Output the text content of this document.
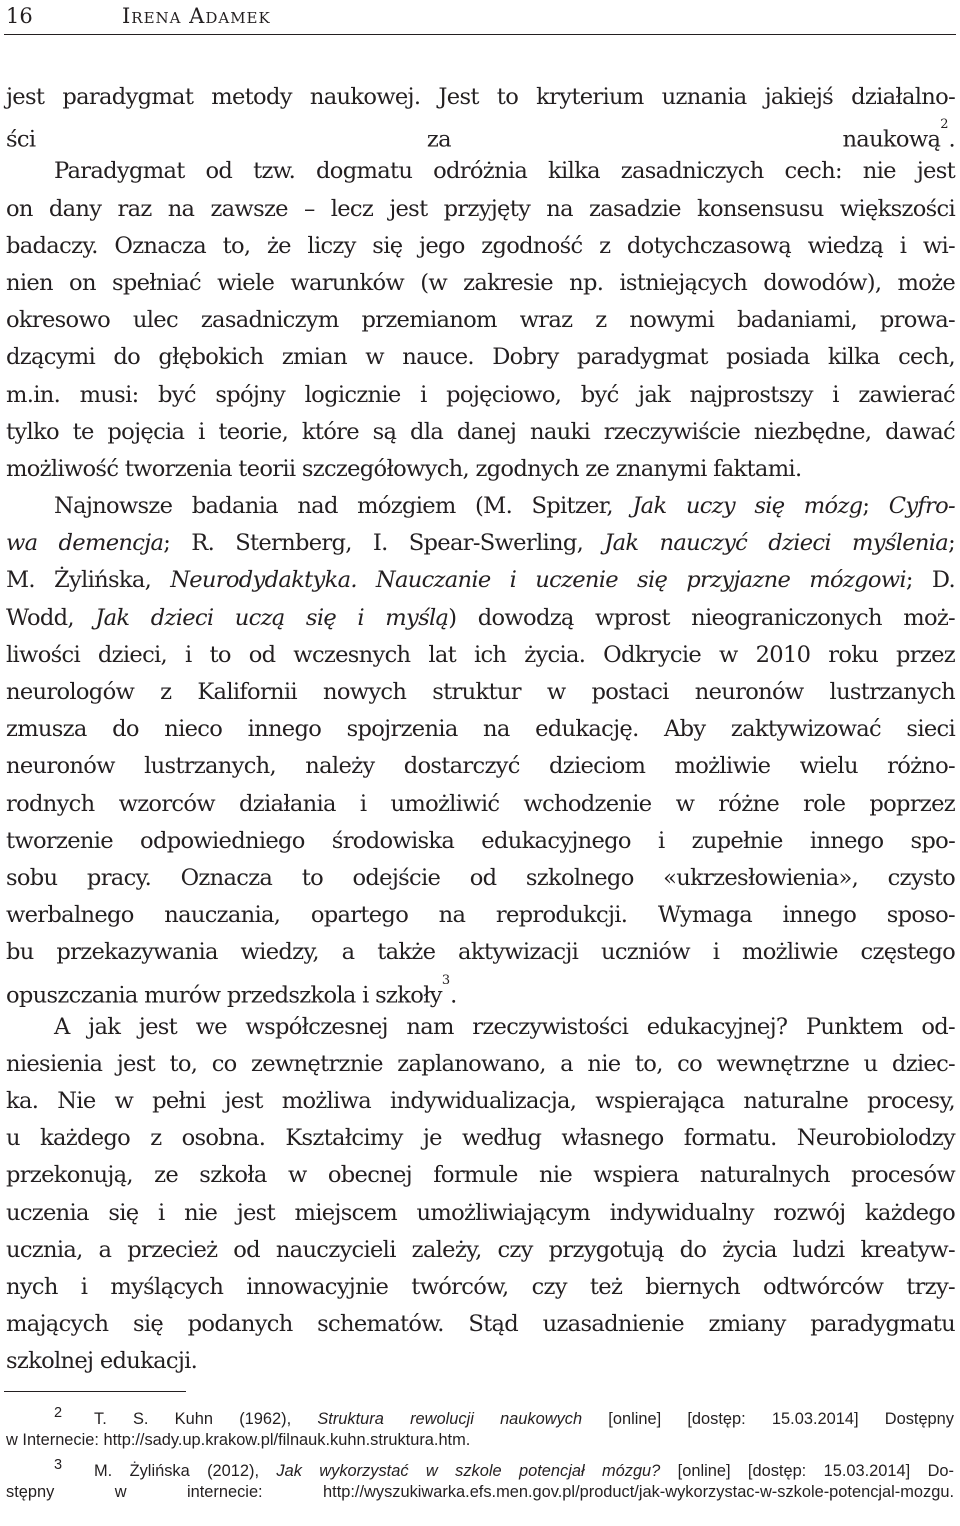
16	Irena Adamek
jest paradygmat metody naukowej. Jest to kryterium uznania jakiejś działalno-
ści za naukową$^2$.
Paradygmat od tzw. dogmatu odróżnia kilka zasadniczych cech: nie jest
on dany raz na zawsze – lecz jest przyjęty na zasadzie konsensusu większości
badaczy. Oznacza to, że liczy się jego zgodność z dotychczasową wiedzą i wi-
nien on spełniać wiele warunków (w zakresie np. istniejących dowodów), może
okresowo ulec zasadniczym przemianom wraz z nowymi badaniami, prowa-
dzącymi do głębokich zmian w nauce. Dobry paradygmat posiada kilka cech,
m.in. musi: być spójny logicznie i pojęciowo, być jak najprostszy i zawierać
tylko te pojęcia i teorie, które są dla danej nauki rzeczywiście niezbędne, dawać
możliwość tworzenia teorii szczegółowych, zgodnych ze znanymi faktami.
Najnowsze badania nad mózgiem (M. Spitzer, Jak uczy się mózg; Cyfro-
wa demencja; R. Sternberg, I. Spear-Swerling, Jak nauczyć dzieci myślenia;
M. Żylińska, Neurodydaktyka. Nauczanie i uczenie się przyjazne mózgowi; D.
Wodd, Jak dzieci uczą się i myślą) dowodzą wprost nieograniczonych moż-
liwości dzieci, i to od wczesnych lat ich życia. Odkrycie w 2010 roku przez
neurologów z Kalifornii nowych struktur w postaci neuronów lustrzanych
zmusza do nieco innego spojrzenia na edukację. Aby zaktywizować sieci
neuronów lustrzanych, należy dostarczyć dzieciom możliwie wielu różno-
rodnych wzorców działania i umożliwić wchodzenie w różne role poprzez
tworzenie odpowiedniego środowiska edukacyjnego i zupełnie innego spo-
sobu pracy. Oznacza to odejście od szkolnego «ukrzesłowienia», czysto
werbalnego nauczania, opartego na reprodukcji. Wymaga innego sposo-
bu przekazywania wiedzy, a także aktywizacji uczniów i możliwie częstego
opuszczania murów przedszkola i szkoły$^3$.
A jak jest we współczesnej nam rzeczywistości edukacyjnej? Punktem od-
niesienia jest to, co zewnętrznie zaplanowano, a nie to, co wewnętrzne u dziec-
ka. Nie w pełni jest możliwa indywidualizacja, wspierająca naturalne procesy,
u każdego z osobna. Kształcimy je według własnego formatu. Neurobiolodzy
przekonują, ze szkoła w obecnej formule nie wspiera naturalnych procesów
uczenia się i nie jest miejscem umożliwiającym indywidualny rozwój każdego
ucznia, a przecież od nauczycieli zależy, czy przygotują do życia ludzi kreatyw-
nych i myślących innowacyjnie twórców, czy też biernych odtwórców trzy-
mających się podanych schematów. Stąd uzasadnienie zmiany paradygmatu
szkolnej edukacji.
2	T. S. Kuhn (1962), Struktura rewolucji naukowych [online] [dostęp: 15.03.2014] Dostępny
w Internecie: http://sady.up.krakow.pl/filnauk.kuhn.struktura.htm.
3	M. Żylińska (2012), Jak wykorzystać w szkole potencjał mózgu? [online] [dostęp: 15.03.2014] Do-
stępny w internecie: http://wyszukiwarka.efs.men.gov.pl/product/jak-wykorzystac-w-szkole-potencjal-mozgu.
